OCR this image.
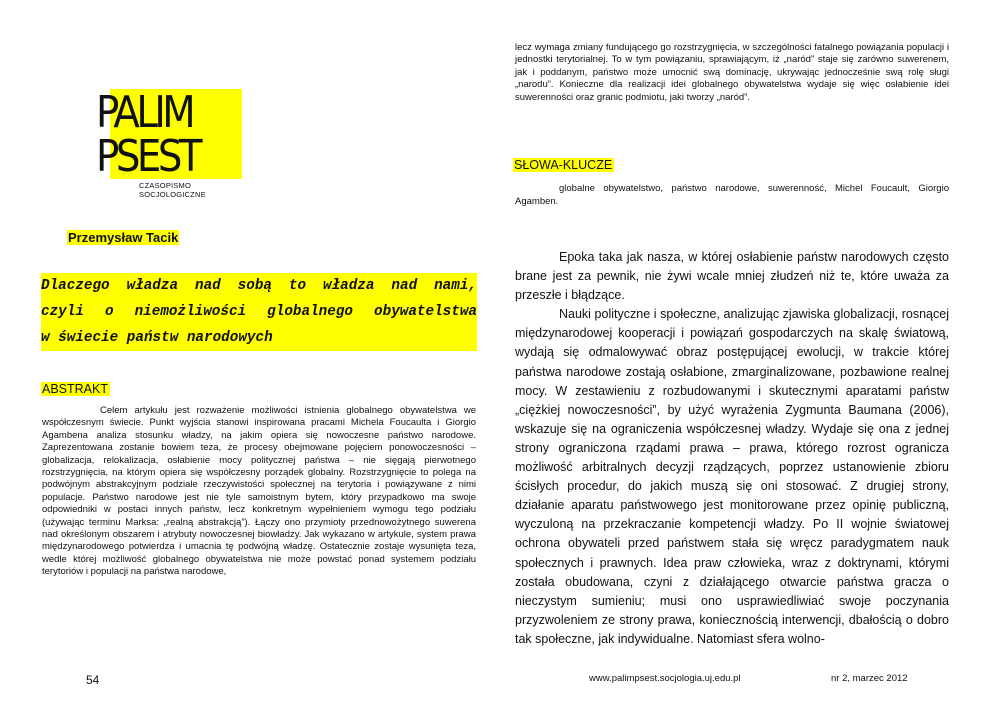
PALIM
PSEST
CZASOPISMO SOCJOLOGICZNE
Przemysław Tacik
Dlaczego władza nad sobą to władza nad nami,
czyli o niemożliwości globalnego obywatelstwa
w świecie państw narodowych
ABSTRAKT

Celem artykułu jest rozważenie możliwości istnienia globalnego obywatelstwa we współczesnym świecie. Punkt wyjścia stanowi inspirowana pracami Michela Foucaulta i Giorgio Agambena analiza stosunku władzy, na jakim opiera się nowoczesne państwo narodowe. Zaprezentowana zostanie bowiem teza, że procesy obejmowane pojęciem ponowoczesności – globalizacja, relokalizacja, osłabienie mocy politycznej państwa – nie sięgają pierwotnego rozstrzygnięcia, na którym opiera się współczesny porządek globalny. Rozstrzygnięcie to polega na podwójnym abstrakcyjnym podziale rzeczywistości społecznej na terytoria i powiązywane z nimi populacje. Państwo narodowe jest nie tyle samoistnym bytem, który przypadkowo ma swoje odpowiedniki w postaci innych państw, lecz konkretnym wypełnieniem wymogu tego podziału (używając terminu Marksa: „realną abstrakcją”). Łączy ono przymioty przednowożytnego suwerena nad określonym obszarem i atrybuty nowoczesnej biowładzy. Jak wykazano w artykule, system prawa międzynarodowego potwierdza i umacnia tę podwójną władzę. Ostatecznie zostaje wysunięta teza, wedle której możliwość globalnego obywatelstwa nie może powstać ponad systemem podziału terytoriów i populacji na państwa narodowe,

54

lecz wymaga zmiany fundującego go rozstrzygnięcia, w szczególności fatalnego powiązania populacji i jednostki terytorialnej. To w tym powiązaniu, sprawiającym, iż „naród” staje się zarówno suwerenem, jak i poddanym, państwo może umocnić swą dominację, ukrywając jednocześnie swą rolę sługi „narodu”. Konieczne dla realizacji idei globalnego obywatelstwa wydaje się więc osłabienie idei suwerenności oraz granic podmiotu, jaki tworzy „naród”.

SŁOWA-KLUCZE

globalne obywatelstwo, państwo narodowe, suwerenność, Michel Foucault, Giorgio Agamben.

Epoka taka jak nasza, w której osłabienie państw narodowych często brane jest za pewnik, nie żywi wcale mniej złudzeń niż te, które uważa za przeszłe i błądzące.

Nauki polityczne i społeczne, analizując zjawiska globalizacji, rosnącej międzynarodowej kooperacji i powiązań gospodarczych na skalę światową, wydają się odmalowywać obraz postępującej ewolucji, w trakcie której państwa narodowe zostają osłabione, zmarginalizowane, pozbawione realnej mocy. W zestawieniu z rozbudowanymi i skutecznymi aparatami państw „ciężkiej nowoczesności”, by użyć wyrażenia Zygmunta Baumana (2006), wskazuje się na ograniczenia współczesnej władzy. Wydaje się ona z jednej strony ograniczona rządami prawa – prawa, którego rozrost ogranicza możliwość arbitralnych decyzji rządzących, poprzez ustanowienie zbioru ścisłych procedur, do jakich muszą się oni stosować. Z drugiej strony, działanie aparatu państwowego jest monitorowane przez opinię publiczną, wyczuloną na przekraczanie kompetencji władzy. Po II wojnie światowej ochrona obywateli przed państwem stała się wręcz paradygmatem nauk społecznych i prawnych. Idea praw człowieka, wraz z doktrynami, którymi została obudowana, czyni z działającego otwarcie państwa gracza o nieczystym sumieniu; musi ono usprawiedliwiać swoje poczynania przyzwoleniem ze strony prawa, koniecznością interwencji, dbałością o dobro tak społeczne, jak indywidualne. Natomiast sfera wolno-

www.palimpsest.socjologia.uj.edu.pl	nr 2, marzec 2012
